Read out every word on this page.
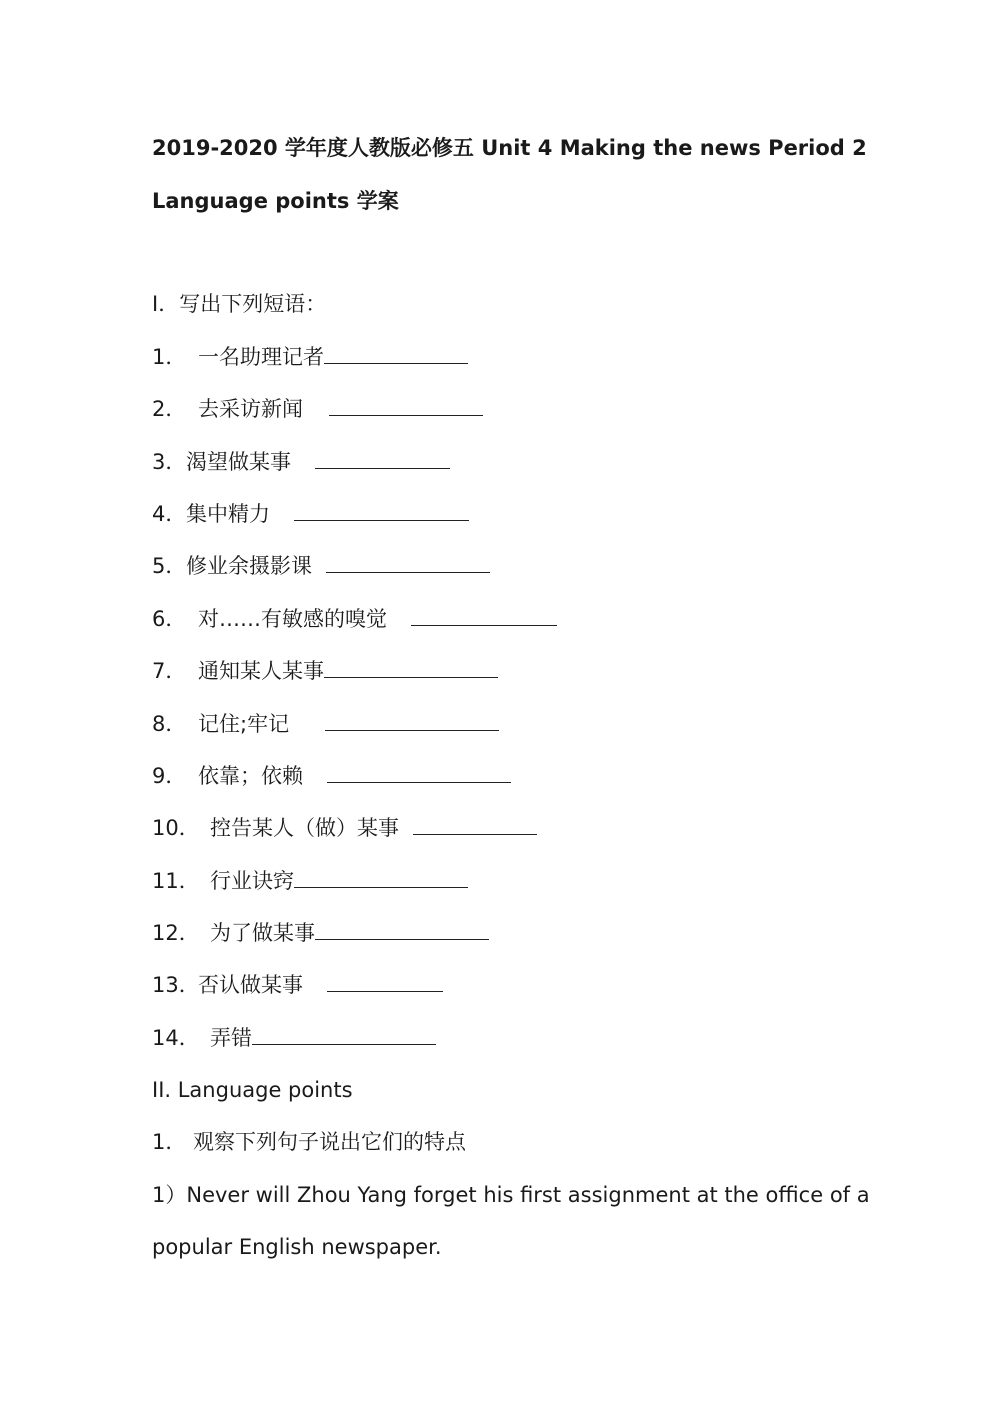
2019-2020 学年度人教版必修五 Unit 4 Making the news Period 2
Language points 学案
I．写出下列短语：
1． 一名助理记者
2． 去采访新闻
3．渴望做某事
4．集中精力
5．修业余摄影课
6． 对……有敏感的嗅觉
7． 通知某人某事
8． 记住;牢记
9． 依靠；依赖
10． 控告某人（做）某事
11． 行业诀窍
12． 为了做某事
13．否认做某事
14． 弄错
II. Language points
1． 观察下列句子说出它们的特点
1）Never will Zhou Yang forget his first assignment at the office of a
popular English newspaper.
